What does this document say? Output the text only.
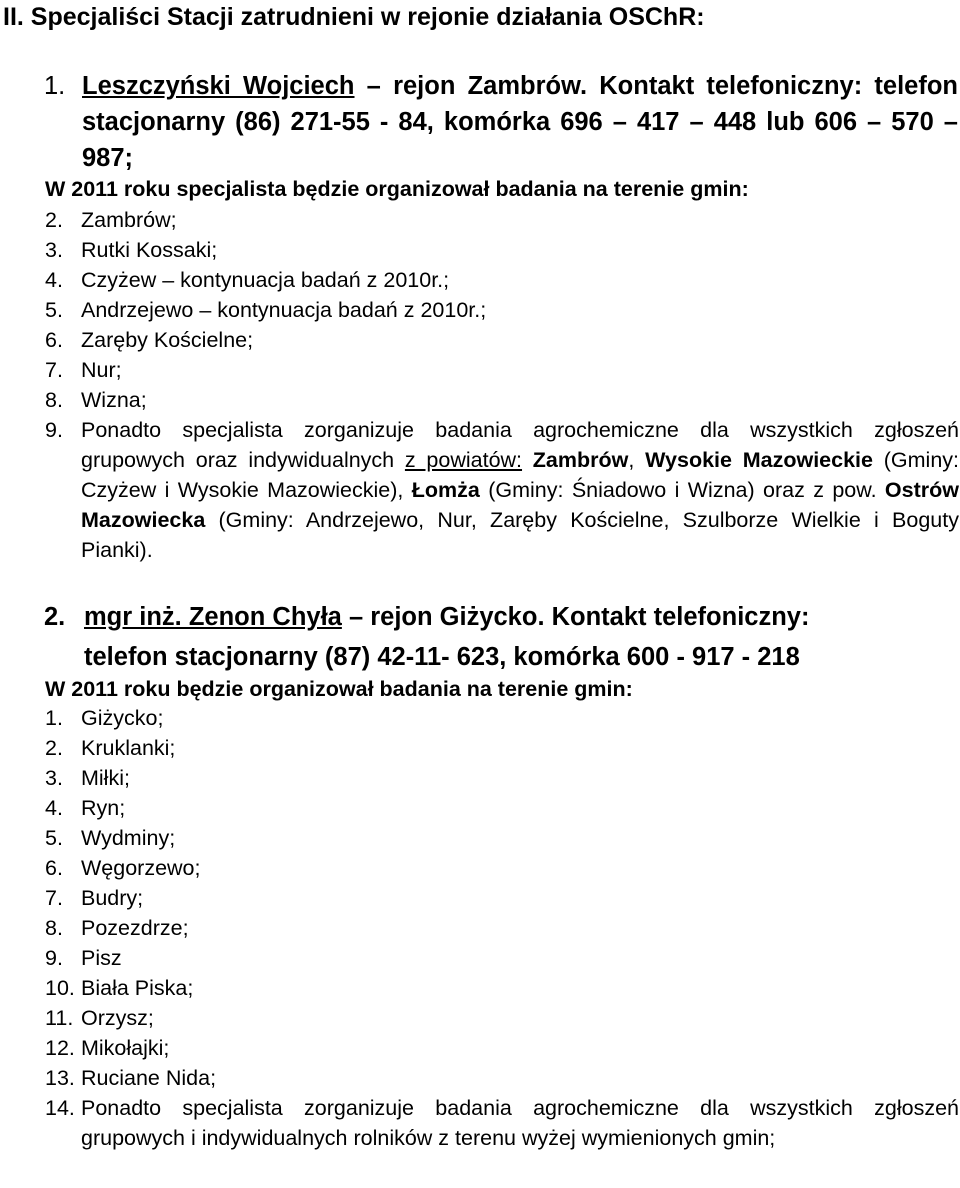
II. Specjaliści Stacji zatrudnieni w rejonie działania OSChR:
1. Leszczyński Wojciech – rejon Zambrów. Kontakt telefoniczny: telefon stacjonarny (86) 271-55 - 84, komórka 696 – 417 – 448 lub 606 – 570 – 987;
W 2011 roku specjalista będzie organizował badania na terenie gmin:
2. Zambrów;
3. Rutki Kossaki;
4. Czyżew – kontynuacja badań z 2010r.;
5. Andrzejewo – kontynuacja badań z 2010r.;
6. Zaręby Kościelne;
7. Nur;
8. Wizna;
9. Ponadto specjalista zorganizuje badania agrochemiczne dla wszystkich zgłoszeń grupowych oraz indywidualnych z powiatów: Zambrów, Wysokie Mazowieckie (Gminy: Czyżew i Wysokie Mazowieckie), Łomża (Gminy: Śniadowo i Wizna) oraz z pow. Ostrów Mazowiecka (Gminy: Andrzejewo, Nur, Zaręby Kościelne, Szulborze Wielkie i Boguty Pianki).
2. mgr inż. Zenon Chyła – rejon Giżycko. Kontakt telefoniczny:
telefon stacjonarny (87) 42-11- 623, komórka 600 - 917 - 218
W 2011 roku będzie organizował badania na terenie gmin:
1. Giżycko;
2. Kruklanki;
3. Miłki;
4. Ryn;
5. Wydminy;
6. Węgorzewo;
7. Budry;
8. Pozezdrze;
9. Pisz
10. Biała Piska;
11. Orzysz;
12. Mikołajki;
13. Ruciane Nida;
14. Ponadto specjalista zorganizuje badania agrochemiczne dla wszystkich zgłoszeń grupowych i indywidualnych rolników z terenu wyżej wymienionych gmin;
